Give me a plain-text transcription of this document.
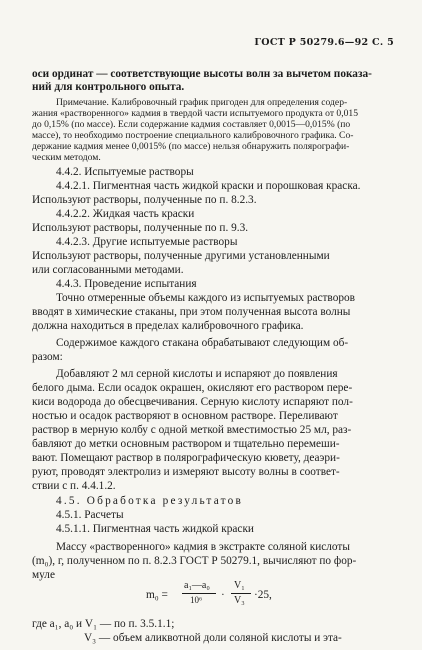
ГОСТ Р 50279.6—92 С. 5
оси ординат — соответствующие высоты волн за вычетом показа-
ний для контрольного опыта.
Примечание. Калибровочный график пригоден для определения содер-
жания «растворенного» кадмия в твердой части испытуемого продукта от 0,015
до 0,15% (по массе). Если содержание кадмия составляет 0,0015—0,015% (по
массе), то необходимо построение специального калибровочного графика. Со-
держание кадмия менее 0,0015% (по массе) нельзя обнаружить полярографи-
ческим методом.
4.4.2. Испытуемые растворы
4.4.2.1. Пигментная часть жидкой краски и порошковая краска.
Используют растворы, полученные по п. 8.2.3.
4.4.2.2. Жидкая часть краски
Используют растворы, полученные по п. 9.3.
4.4.2.3. Другие испытуемые растворы
Используют растворы, полученные другими установленными
или согласованными методами.
4.4.3. Проведение испытания
Точно отмеренные объемы каждого из испытуемых растворов
вводят в химические стаканы, при этом полученная высота волны
должна находиться в пределах калибровочного графика.
Содержимое каждого стакана обрабатывают следующим об-
разом:
Добавляют 2 мл серной кислоты и испаряют до появления
белого дыма. Если осадок окрашен, окисляют его раствором пере-
киси водорода до обесцвечивания. Серную кислоту испаряют пол-
ностью и осадок растворяют в основном растворе. Переливают
раствор в мерную колбу с одной меткой вместимостью 25 мл, раз-
бавляют до метки основным раствором и тщательно перемеши-
вают. Помещают раствор в полярографическую кювету, деаэри-
руют, проводят электролиз и измеряют высоту волны в соответ-
ствии с п. 4.4.1.2.
4.5. Обработка результатов
4.5.1. Расчеты
4.5.1.1. Пигментная часть жидкой краски
Массу «растворенного» кадмия в экстракте соляной кислоты
(m₀), г, полученном по п. 8.2.3 ГОСТ Р 50279.1, вычисляют по фор-
муле
m₀ =
a₁—a₀
10⁶ ·
V₁
V₃ ·25,
где a₁, a₀ и V₁ — по п. 3.5.1.1;
V₃ — объем аликвотной доли соляной кислоты и эта-
